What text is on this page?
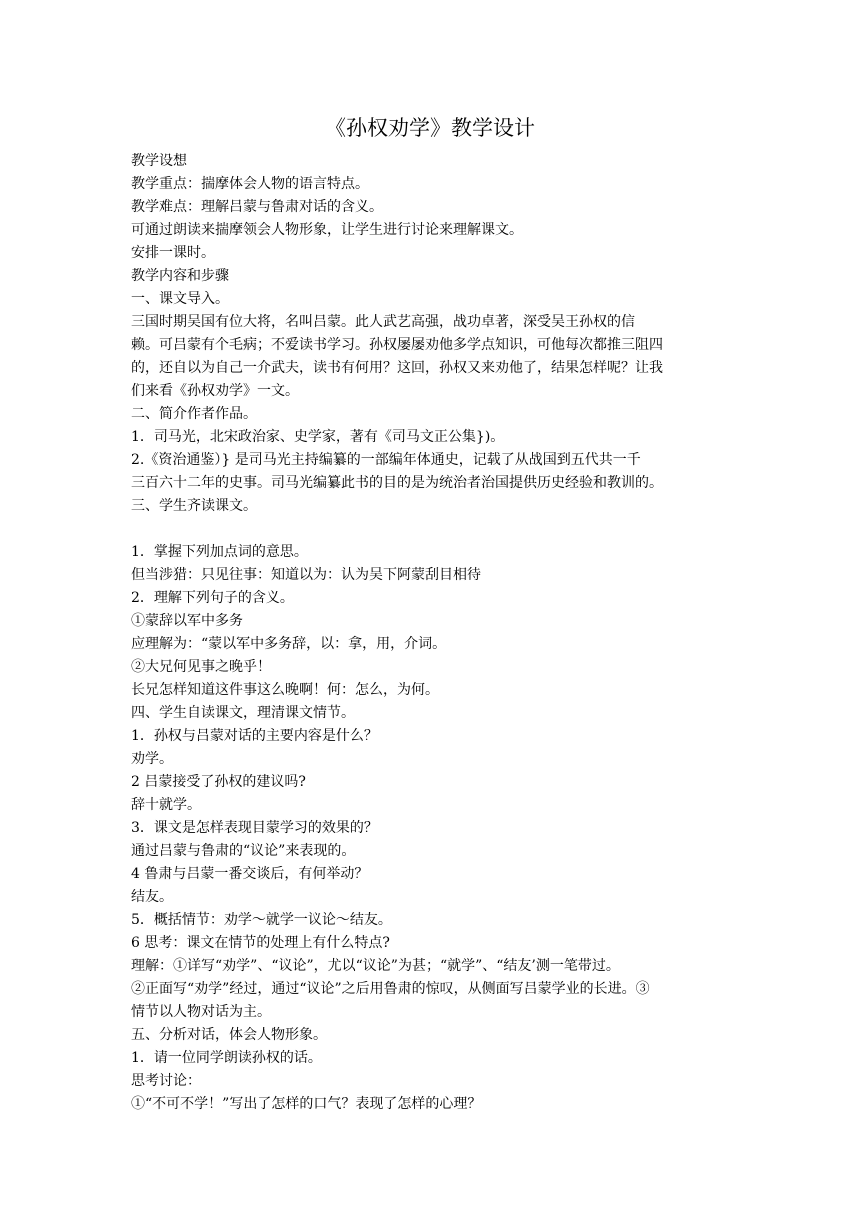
《孙权劝学》教学设计
教学设想
教学重点：揣摩体会人物的语言特点。
教学难点：理解吕蒙与鲁肃对话的含义。
可通过朗读来揣摩领会人物形象，让学生进行讨论来理解课文。
安排一课时。
教学内容和步骤
一、课文导入。
三国时期吴国有位大将，名叫吕蒙。此人武艺高强，战功卓著，深受吴王孙权的信
赖。可吕蒙有个毛病；不爱读书学习。孙权屡屡劝他多学点知识，可他每次都推三阻四
的，还自以为自己一介武夫，读书有何用？这回，孙权又来劝他了，结果怎样呢？让我
们来看《孙权劝学》一文。
二、简介作者作品。
1．司马光，北宋政治家、史学家，著有《司马文正公集})。
2.《资治通鉴）} 是司马光主持编纂的一部编年体通史，记载了从战国到五代共一千
三百六十二年的史事。司马光编纂此书的目的是为统治者治国提供历史经验和教训的。
三、学生齐读课文。
1．掌握下列加点词的意思。
但当涉猎：只见往事：知道以为：认为吴下阿蒙刮目相待
2．理解下列句子的含义。
①蒙辞以军中多务
应理解为：“蒙以军中多务辞，以：拿，用，介词。
②大兄何见事之晚乎！
长兄怎样知道这件事这么晚啊！何：怎么，为何。
四、学生自读课文，理清课文情节。
1．孙权与吕蒙对话的主要内容是什么？
劝学。
2 吕蒙接受了孙权的建议吗?
辞十就学。
3．课文是怎样表现目蒙学习的效果的？
通过吕蒙与鲁肃的“议论”来表现的。
4 鲁肃与吕蒙一番交谈后，有何举动？
结友。
5．概括情节：劝学～就学一议论～结友。
6 思考：课文在情节的处理上有什么特点?
理解：①详写“劝学”、“议论”，尤以“议论”为甚；“就学”、“结友’测一笔带过。
②正面写“劝学”经过，通过“议论”之后用鲁肃的惊叹，从侧面写吕蒙学业的长进。③
情节以人物对话为主。
五、分析对话，体会人物形象。
1．请一位同学朗读孙权的话。
思考讨论：
①“不可不学！”写出了怎样的口气？表现了怎样的心理？
